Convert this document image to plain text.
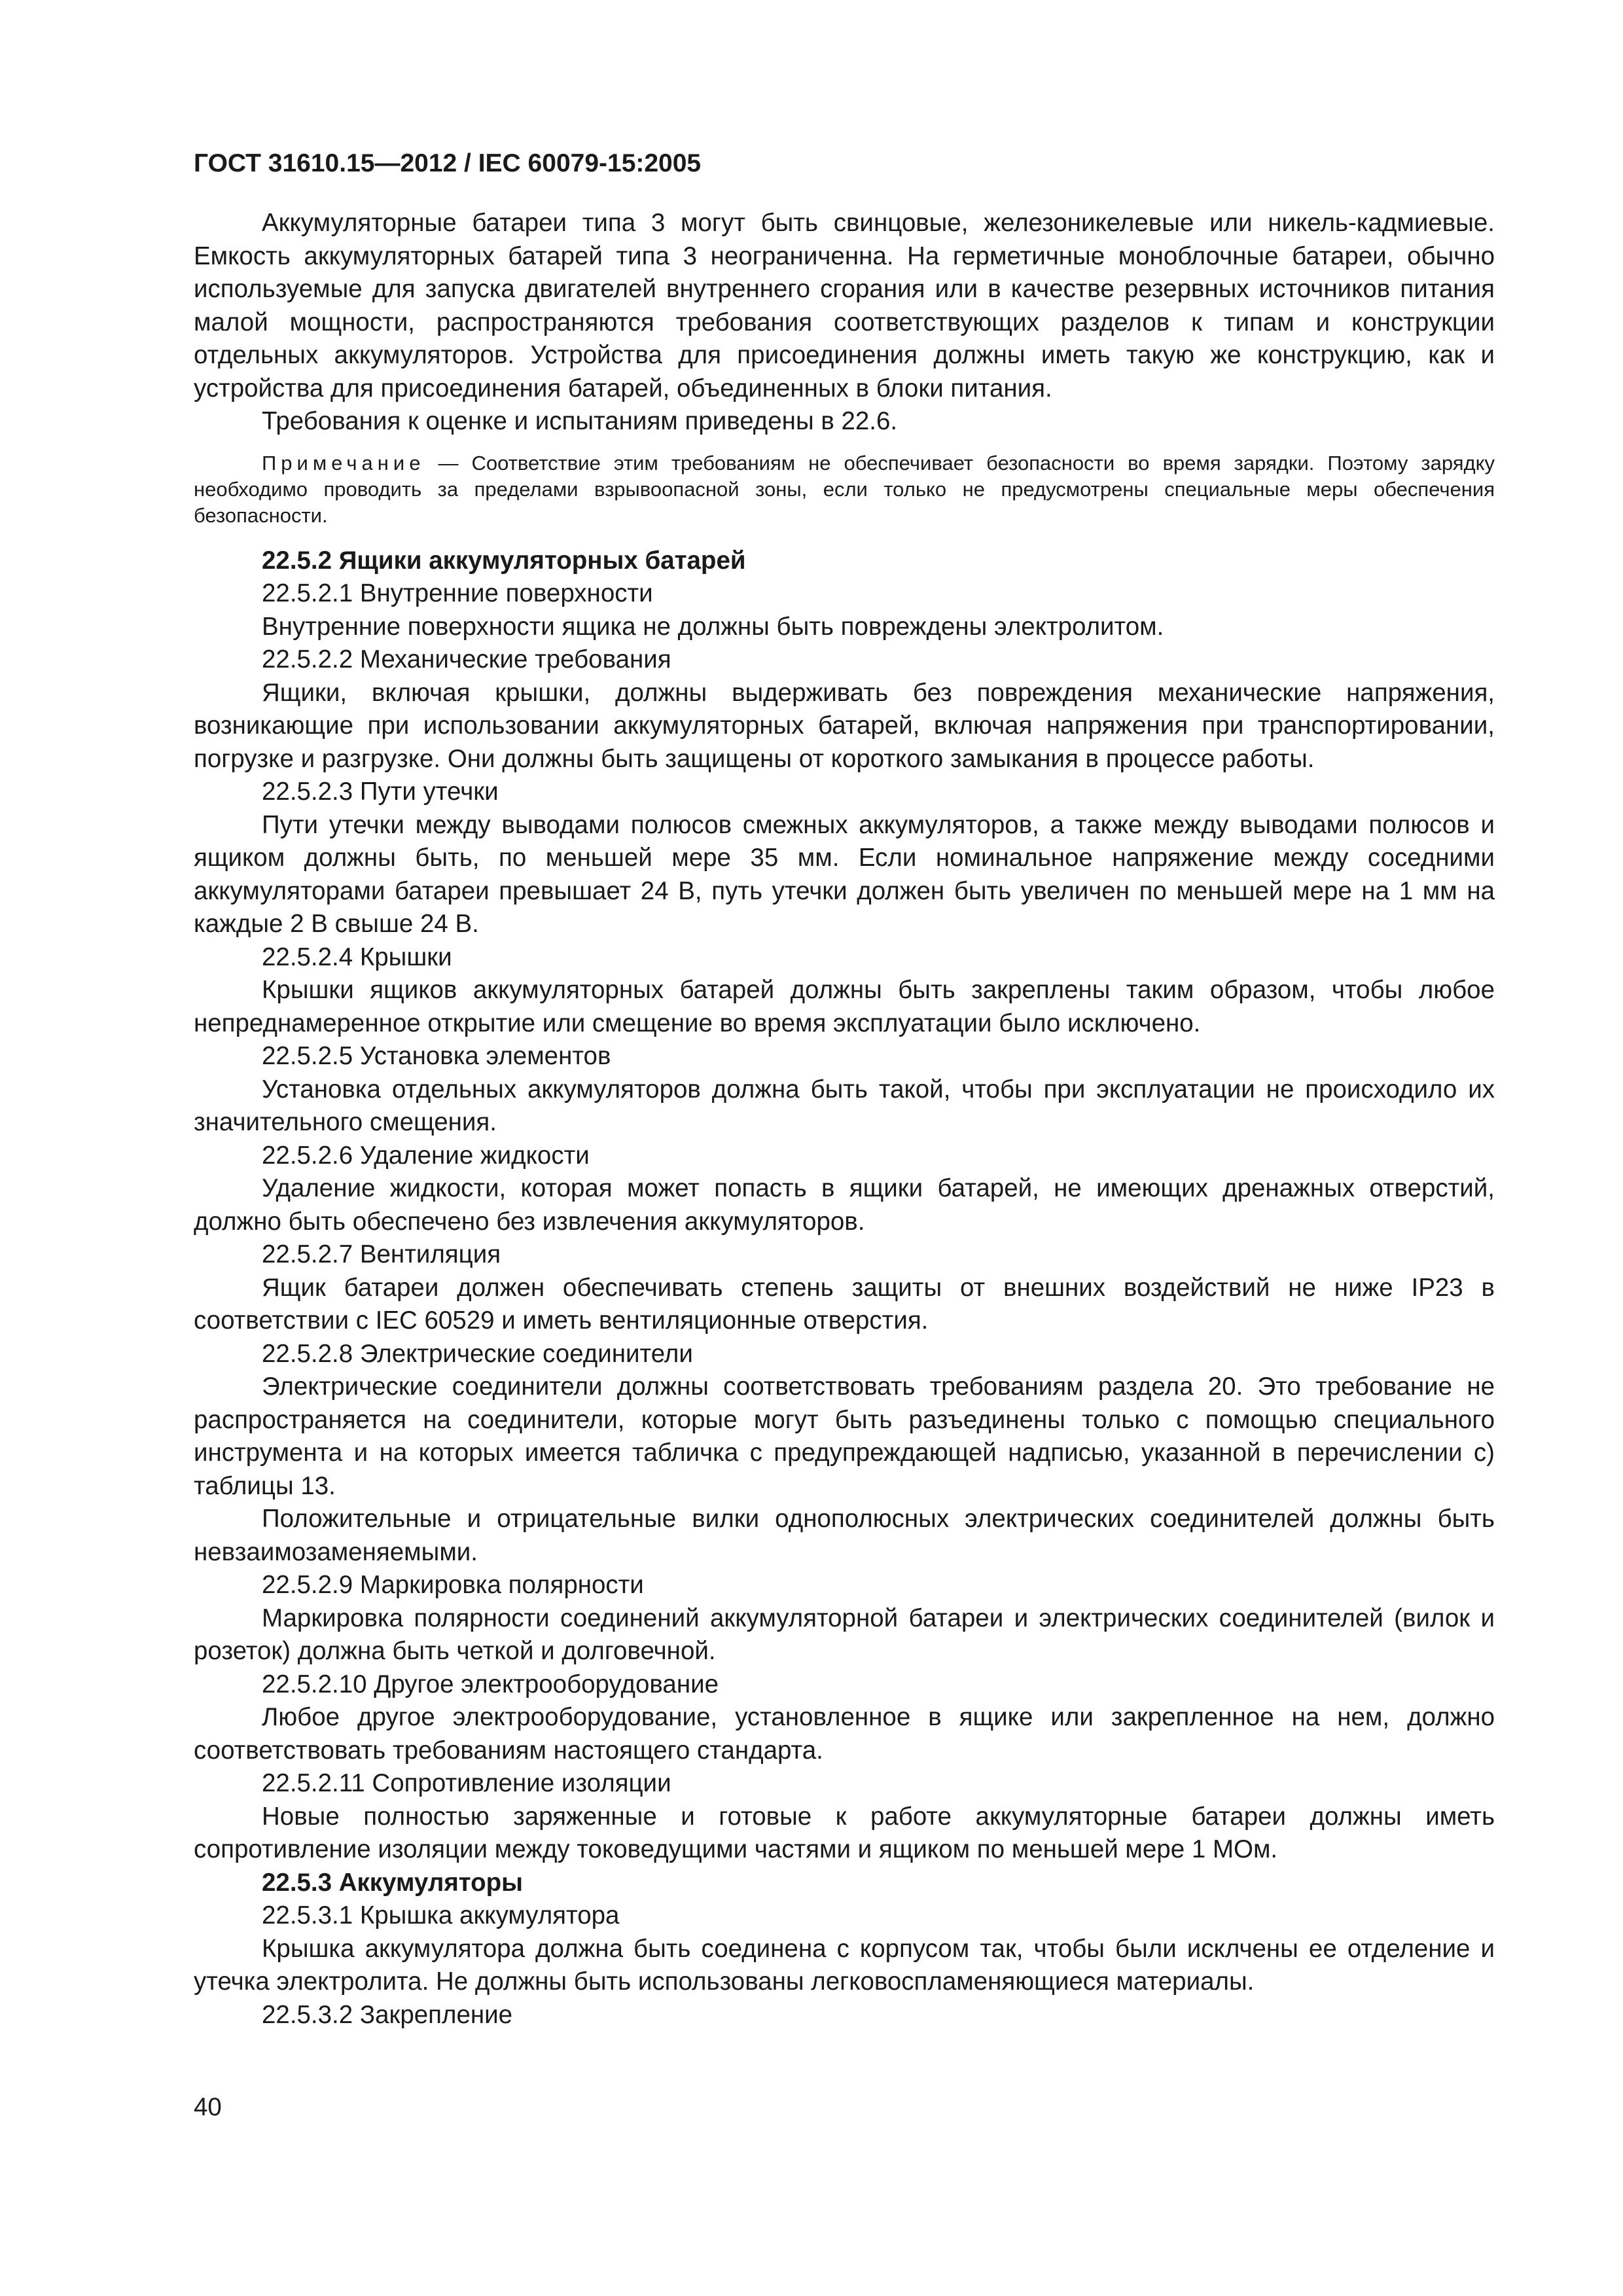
ГОСТ 31610.15—2012 / IEC 60079-15:2005

Аккумуляторные батареи типа 3 могут быть свинцовые, железоникелевые или никель-кадмиевые. Емкость аккумуляторных батарей типа 3 неограниченна. На герметичные моноблочные батареи, обычно используемые для запуска двигателей внутреннего сгорания или в качестве резервных источников питания малой мощности, распространяются требования соответствующих разделов к типам и конструкции отдельных аккумуляторов. Устройства для присоединения должны иметь такую же конструкцию, как и устройства для присоединения батарей, объединенных в блоки питания.

Требования к оценке и испытаниям приведены в 22.6.

Примечание — Соответствие этим требованиям не обеспечивает безопасности во время зарядки. Поэтому зарядку необходимо проводить за пределами взрывоопасной зоны, если только не предусмотрены специальные меры обеспечения безопасности.

22.5.2 Ящики аккумуляторных батарей

22.5.2.1 Внутренние поверхности

Внутренние поверхности ящика не должны быть повреждены электролитом.

22.5.2.2 Механические требования

Ящики, включая крышки, должны выдерживать без повреждения механические напряжения, возникающие при использовании аккумуляторных батарей, включая напряжения при транспортировании, погрузке и разгрузке. Они должны быть защищены от короткого замыкания в процессе работы.

22.5.2.3 Пути утечки

Пути утечки между выводами полюсов смежных аккумуляторов, а также между выводами полюсов и ящиком должны быть, по меньшей мере 35 мм. Если номинальное напряжение между соседними аккумуляторами батареи превышает 24 В, путь утечки должен быть увеличен по меньшей мере на 1 мм на каждые 2 В свыше 24 В.

22.5.2.4 Крышки

Крышки ящиков аккумуляторных батарей должны быть закреплены таким образом, чтобы любое непреднамеренное открытие или смещение во время эксплуатации было исключено.

22.5.2.5 Установка элементов

Установка отдельных аккумуляторов должна быть такой, чтобы при эксплуатации не происходило их значительного смещения.

22.5.2.6 Удаление жидкости

Удаление жидкости, которая может попасть в ящики батарей, не имеющих дренажных отверстий, должно быть обеспечено без извлечения аккумуляторов.

22.5.2.7 Вентиляция

Ящик батареи должен обеспечивать степень защиты от внешних воздействий не ниже IP23 в соответствии с IEC 60529 и иметь вентиляционные отверстия.

22.5.2.8 Электрические соединители

Электрические соединители должны соответствовать требованиям раздела 20. Это требование не распространяется на соединители, которые могут быть разъединены только с помощью специального инструмента и на которых имеется табличка с предупреждающей надписью, указанной в перечислении с) таблицы 13.

Положительные и отрицательные вилки однополюсных электрических соединителей должны быть невзаимозаменяемыми.

22.5.2.9 Маркировка полярности

Маркировка полярности соединений аккумуляторной батареи и электрических соединителей (вилок и розеток) должна быть четкой и долговечной.

22.5.2.10 Другое электрооборудование

Любое другое электрооборудование, установленное в ящике или закрепленное на нем, должно соответствовать требованиям настоящего стандарта.

22.5.2.11 Сопротивление изоляции

Новые полностью заряженные и готовые к работе аккумуляторные батареи должны иметь сопротивление изоляции между токоведущими частями и ящиком по меньшей мере 1 МОм.

22.5.3 Аккумуляторы

22.5.3.1 Крышка аккумулятора

Крышка аккумулятора должна быть соединена с корпусом так, чтобы были исклчены ее отделение и утечка электролита. Не должны быть использованы легковоспламеняющиеся материалы.

22.5.3.2 Закрепление

40
